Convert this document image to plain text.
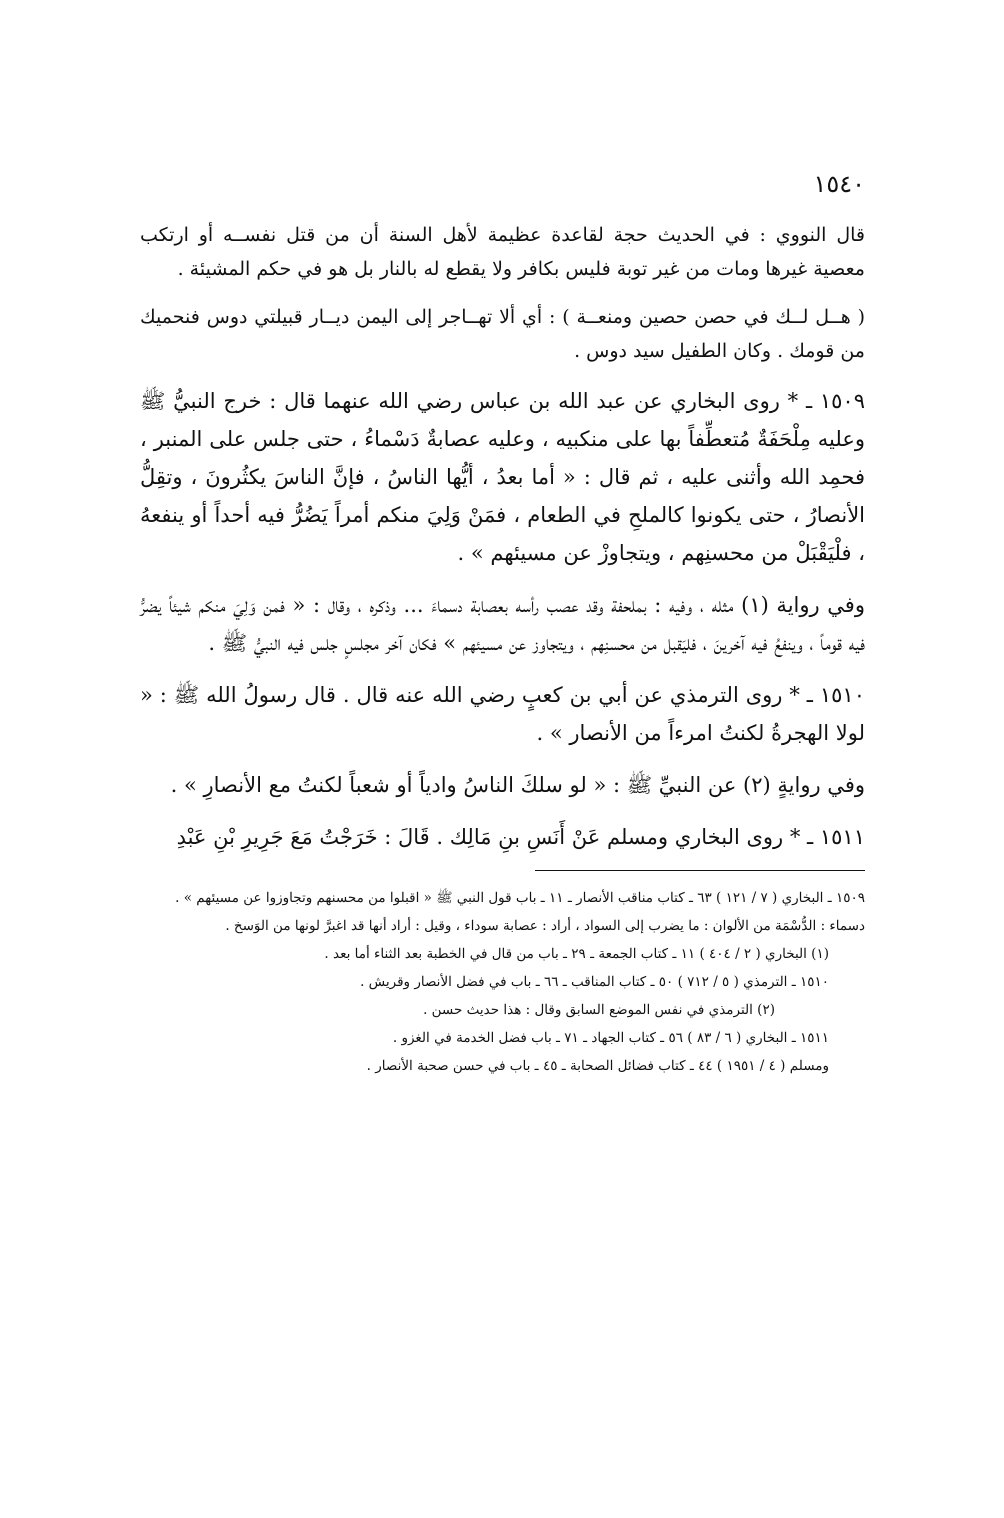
١٥٤٠

قال النووي : في الحديث حجة لقاعدة عظيمة لأهل السنة أن من قتل نفســه أو ارتكب معصية غيرها ومات من غير توبة فليس بكافر ولا يقطع له بالنار بل هو في حكم المشيئة .

( هــل لــك في حصن حصين ومنعــة ) : أي ألا تهــاجر إلى اليمن ديــار قبيلتي دوس فنحميك من قومك . وكان الطفيل سيد دوس .

١٥٠٩ ـ * روى البخاري عن عبد الله بن عباس رضي الله عنهما قال : خرج النبيُّ ﷺ وعليه مِلْحَفَةٌ مُتعطِّفاً بها على منكبيه ، وعليه عصابةٌ دَسْماءُ ، حتى جلس على المنبر ، فحمِد الله وأثنى عليه ، ثم قال : « أما بعدُ ، أيُّها الناسُ ، فإنَّ الناسَ يكثُرونَ ، وتقِلُّ الأنصارُ ، حتى يكونوا كالملحِ في الطعام ، فمَنْ وَلِيَ منكم أمراً يَضُرُّ فيه أحداً أو ينفعهُ ، فلْيَقْبَلْ من محسنِهم ، ويتجاوزْ عن مسيئهم » .

وفي رواية (١) مثله ، وفيه : بملحفة وقد عصب رأسه بعصابة دسماءَ ... وذكره ، وقال : « فمن وَلِيَ منكم شيئاً يضرُّ فيه قوماً ، وينفعُ فيه آخرينَ ، فليَقبل من محسنِهم ، ويتجاوز عن مسيئهم » فكان آخر مجلسٍ جلس فيه النبيُّ ﷺ .

١٥١٠ ـ * روى الترمذي عن أبي بن كعبٍ رضي الله عنه قال . قال رسولُ الله ﷺ : « لولا الهجرةُ لكنتُ امرءاً من الأنصار » .

وفي روايةٍ (٢) عن النبيِّ ﷺ : « لو سلكَ الناسُ وادياً أو شعباً لكنتُ مع الأنصارِ » .

١٥١١ ـ * روى البخاري ومسلم عَنْ أَنَسِ بنِ مَالِك . قَالَ : خَرَجْتُ مَعَ جَرِيرِ بْنِ عَبْدِ

١٥٠٩ ـ البخاري ( ٧ / ١٢١ ) ٦٣ ـ كتاب مناقب الأنصار ـ ١١ ـ باب قول النبي ﷺ « اقبلوا من محسنهم وتجاوزوا عن مسيئهم » .

دسماء : الدُّسْمَة من الألوان : ما يضرب إلى السواد ، أراد : عصابة سوداء ، وقيل : أراد أنها قد اغبرَّ لونها من الوَسخ .

(١) البخاري ( ٢ / ٤٠٤ ) ١١ ـ كتاب الجمعة ـ ٢٩ ـ باب من قال في الخطبة بعد الثناء أما بعد .

١٥١٠ ـ الترمذي ( ٥ / ٧١٢ ) ٥٠ ـ كتاب المناقب ـ ٦٦ ـ باب في فضل الأنصار وقريش .

(٢) الترمذي في نفس الموضع السابق وقال : هذا حديث حسن .

١٥١١ ـ البخاري ( ٦ / ٨٣ ) ٥٦ ـ كتاب الجهاد ـ ٧١ ـ باب فضل الخدمة في الغزو .

ومسلم ( ٤ / ١٩٥١ ) ٤٤ ـ كتاب فضائل الصحابة ـ ٤٥ ـ باب في حسن صحبة الأنصار .
